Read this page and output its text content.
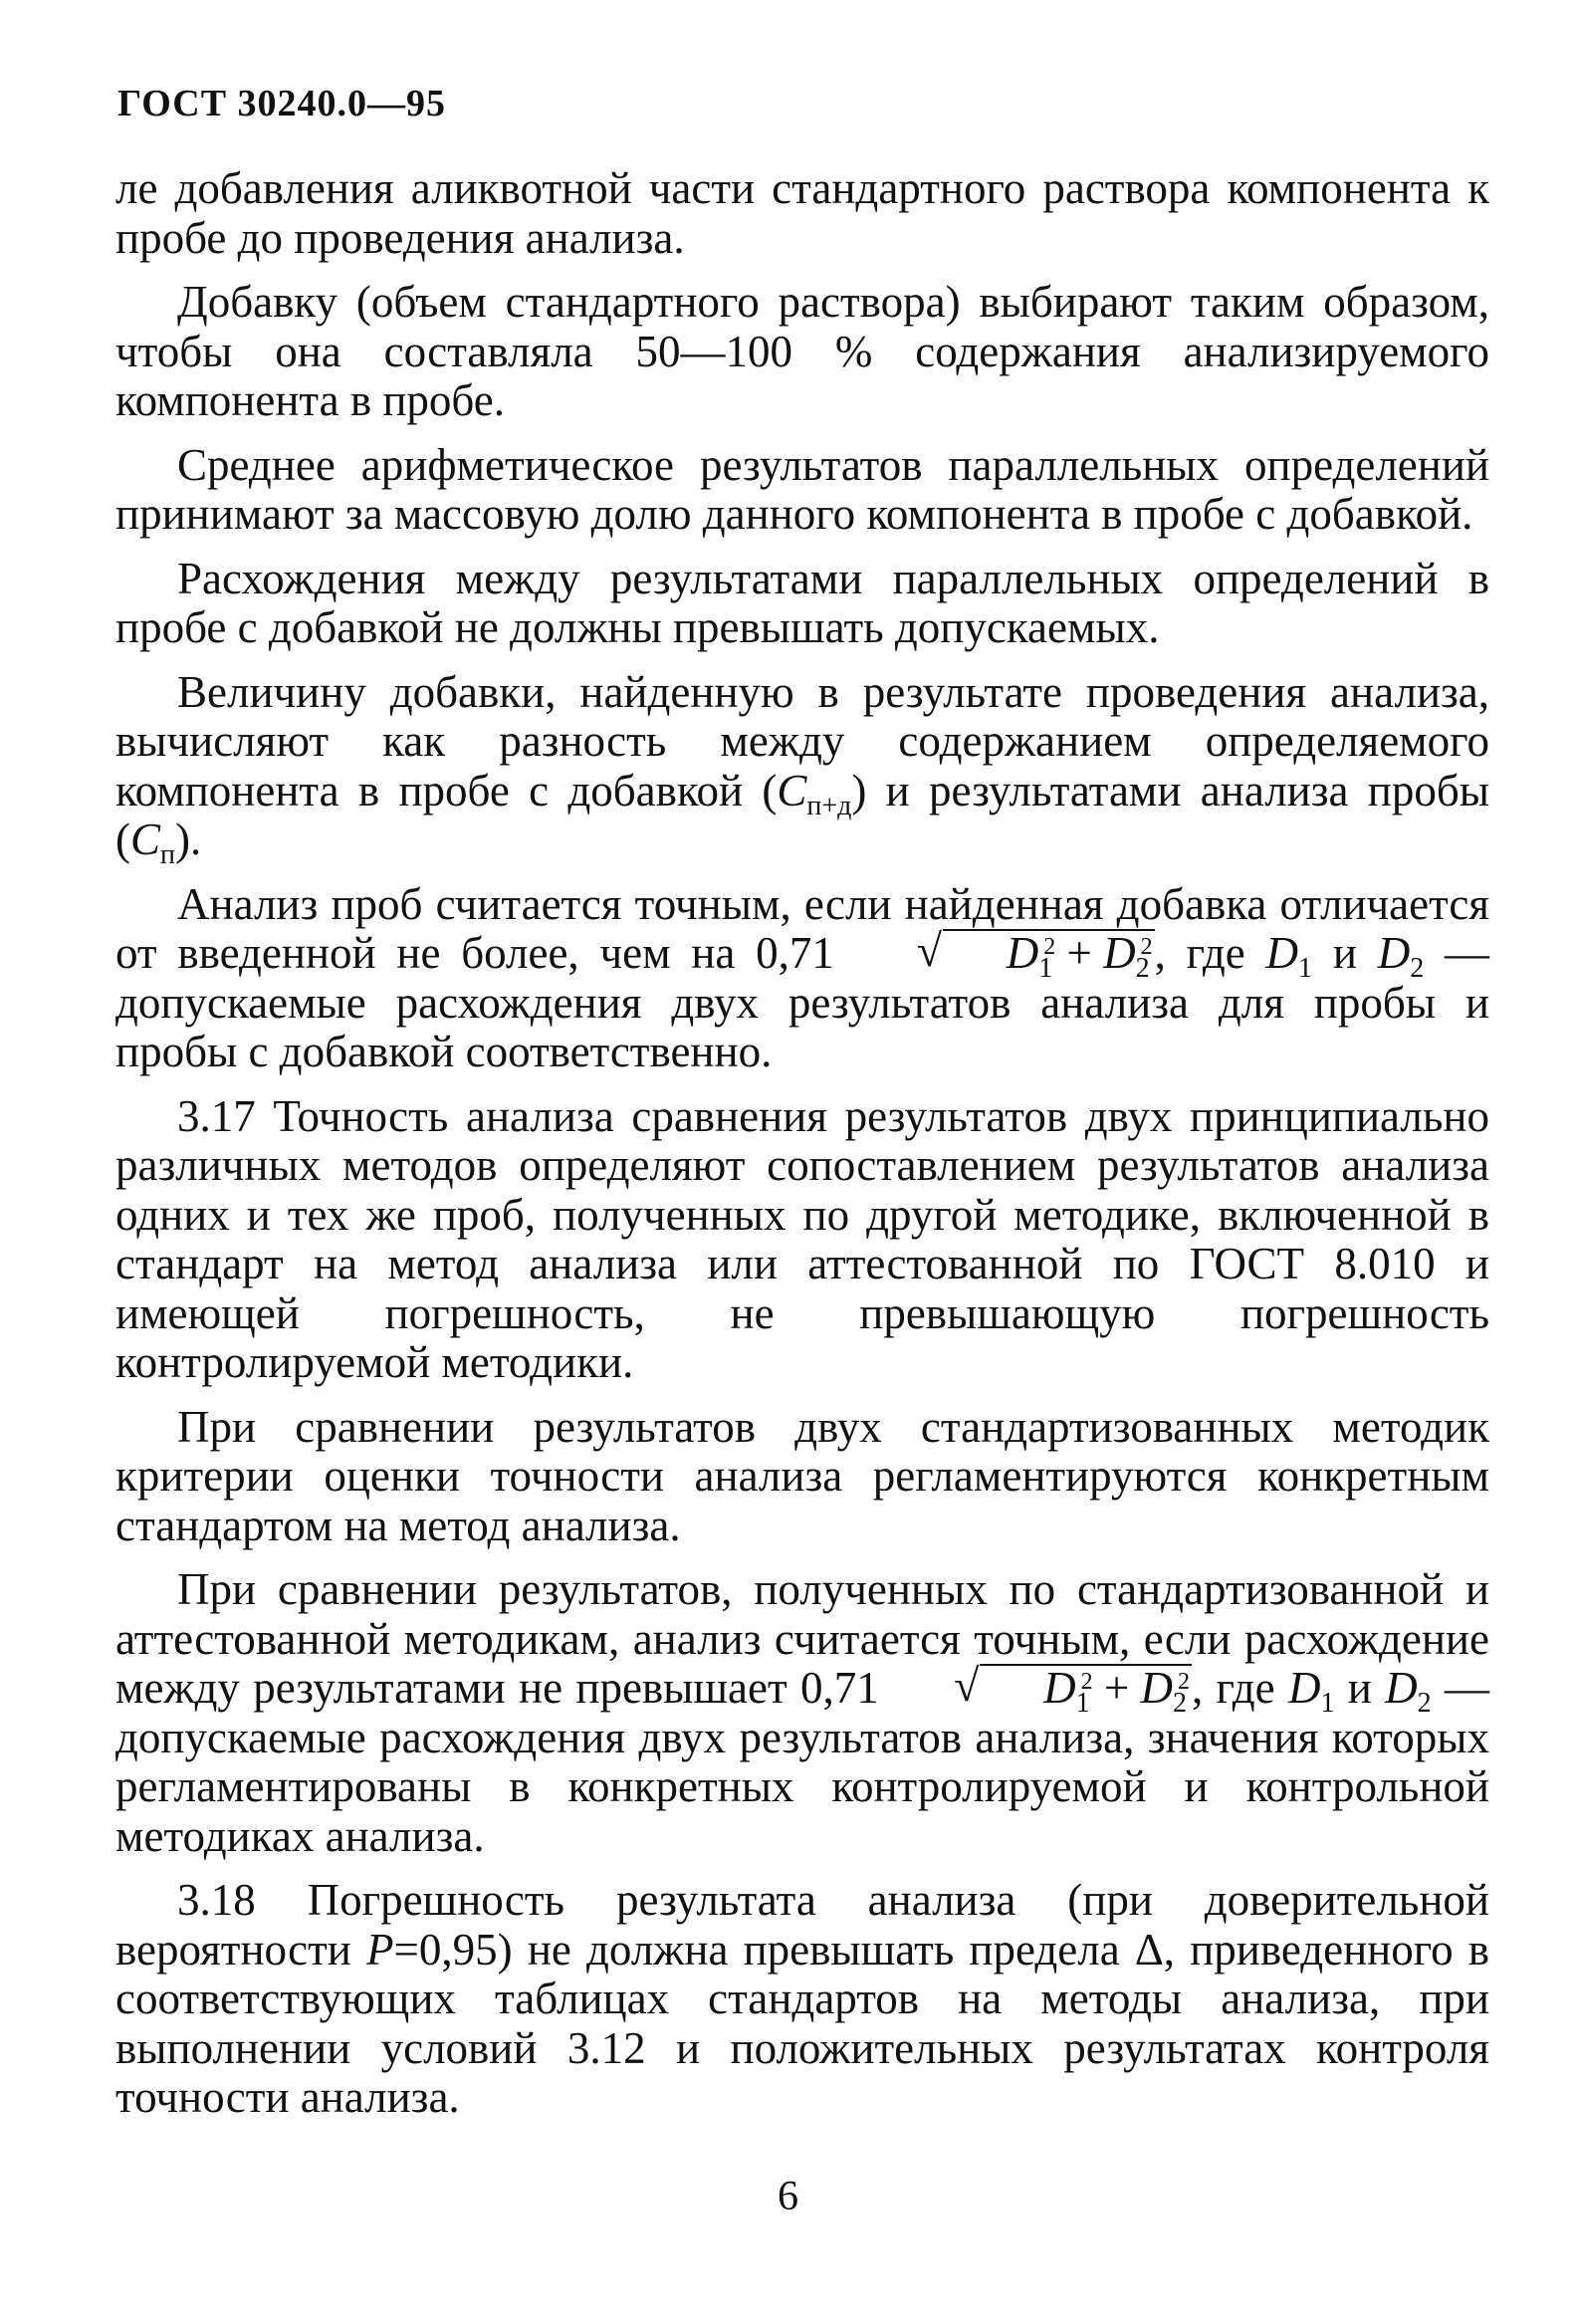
ГОСТ 30240.0—95

ле добавления аликвотной части стандартного раствора компонента к пробе до проведения анализа.

Добавку (объем стандартного раствора) выбирают таким образом, чтобы она составляла 50—100 % содержания анализируемого компонента в пробе.

Среднее арифметическое результатов параллельных определений принимают за массовую долю данного компонента в пробе с добавкой.

Расхождения между результатами параллельных определений в пробе с добавкой не должны превышать допускаемых.

Величину добавки, найденную в результате проведения анализа, вычисляют как разность между содержанием определяемого компонента в пробе с добавкой $(C_{п+д})$ и результатами анализа пробы $(C_п)$.

Анализ проб считается точным, если найденная добавка отличается от введенной не более, чем на 0,71	√ $D_1^2 + D_2^2$, где $D_1$ и $D_2$ — допускаемые расхождения двух результатов анализа для пробы и пробы с добавкой соответственно.

3.17 Точность анализа сравнения результатов двух принципиально различных методов определяют сопоставлением результатов анализа одних и тех же проб, полученных по другой методике, включенной в стандарт на метод анализа или аттестованной по ГОСТ 8.010 и имеющей погрешность, не превышающую погрешность контролируемой методики.

При сравнении результатов двух стандартизованных методик критерии оценки точности анализа регламентируются конкретным стандартом на метод анализа.

При сравнении результатов, полученных по стандартизованной и аттестованной методикам, анализ считается точным, если расхождение между результатами не превышает 0,71	√ $D_1^2 + D_2^2$, где $D_1$ и $D_2$ — допускаемые расхождения двух результатов анализа, значения которых регламентированы в конкретных контролируемой и контрольной методиках анализа.

3.18 Погрешность результата анализа (при доверительной вероятности P=0,95) не должна превышать предела Δ, приведенного в соответствующих таблицах стандартов на методы анализа, при выполнении условий 3.12 и положительных результатах контроля точности анализа.

6
